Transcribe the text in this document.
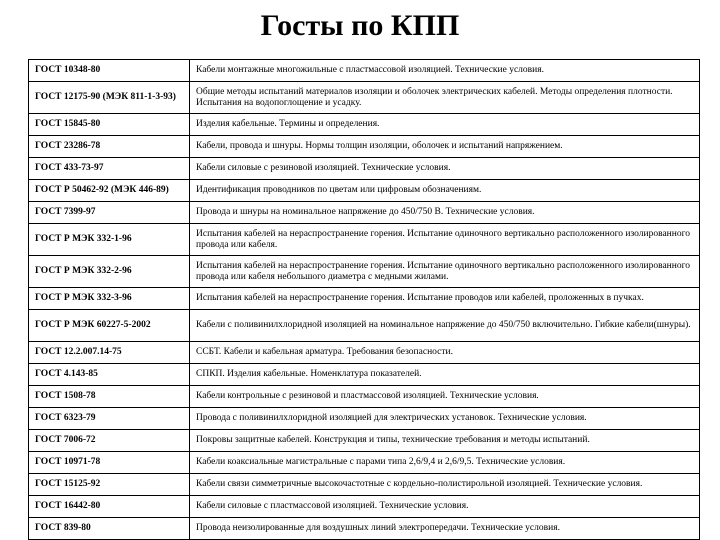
Госты по КПП
ГОСТ 10348-80	Кабели монтажные многожильные с пластмассовой изоляцией. Технические условия.
ГОСТ 12175-90 (МЭК 811-1-3-93)	Общие методы испытаний материалов изоляции и оболочек электрических кабелей. Методы определения плотности. Испытания на водопоглощение и усадку.
ГОСТ 15845-80	Изделия кабельные. Термины и определения.
ГОСТ 23286-78	Кабели, провода и шнуры. Нормы толщин изоляции, оболочек и испытаний напряжением.
ГОСТ 433-73-97	Кабели силовые с резиновой изоляцией. Технические условия.
ГОСТ Р 50462-92 (МЭК 446-89)	Идентификация проводников по цветам или цифровым обозначениям.
ГОСТ 7399-97	Провода и шнуры на номинальное напряжение до 450/750 В. Технические условия.
ГОСТ Р МЭК 332-1-96	Испытания кабелей на нераспространение горения. Испытание одиночного вертикально расположенного изолированного провода или кабеля.
ГОСТ Р МЭК 332-2-96	Испытания кабелей на нераспространение горения. Испытание одиночного вертикально расположенного изолированного провода или кабеля небольшого диаметра с медными жилами.
ГОСТ Р МЭК 332-3-96	Испытания кабелей на нераспространение горения. Испытание проводов или кабелей, проложенных в пучках.
ГОСТ Р МЭК 60227-5-2002	Кабели с поливинилхлоридной изоляцией на номинальное напряжение до 450/750 включительно. Гибкие кабели(шнуры).
ГОСТ 12.2.007.14-75	ССБТ. Кабели и кабельная арматура. Требования безопасности.
ГОСТ 4.143-85	СПКП. Изделия кабельные. Номенклатура показателей.
ГОСТ 1508-78	Кабели контрольные с резиновой и пластмассовой изоляцией. Технические условия.
ГОСТ 6323-79	Провода с поливинилхлоридной изоляцией для электрических установок. Технические условия.
ГОСТ 7006-72	Покровы защитные кабелей. Конструкция и типы, технические требования и методы испытаний.
ГОСТ 10971-78	Кабели коаксиальные магистральные с парами типа 2,6/9,4 и 2,6/9,5. Технические условия.
ГОСТ 15125-92	Кабели связи симметричные высокочастотные с кордельно-полистирольной изоляцией. Технические условия.
ГОСТ 16442-80	Кабели силовые с пластмассовой изоляцией. Технические условия.
ГОСТ 839-80	Провода неизолированные для воздушных линий электропередачи. Технические условия.
